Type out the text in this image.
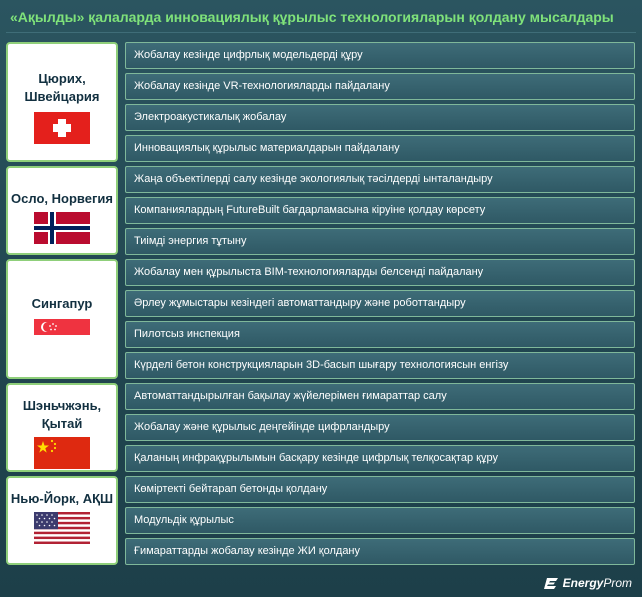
«Ақылды» қалаларда инновациялық құрылыс технологияларын қолдану мысалдары
Цюрих, Швейцария
Жобалау кезінде цифрлық модельдерді құру
Жобалау кезінде VR-технологияларды пайдалану
Электроакустикалық жобалау
Инновациялық құрылыс материалдарын пайдалану
Осло, Норвегия
Жаңа объектілерді салу кезінде экологиялық тәсілдерді ынталандыру
Компаниялардың FutureBuilt бағдарламасына кіруіне қолдау көрсету
Тиімді энергия тұтыну
Сингапур
Жобалау мен құрылыста BIM-технологияларды белсенді пайдалану
Әрлеу жұмыстары кезіндегі автоматтандыру және роботтандыру
Пилотсыз инспекция
Күрделі бетон конструкцияларын 3D-басып шығару технологиясын енгізу
Шэньчжэнь, Қытай
Автоматтандырылған бақылау жүйелерімен ғимараттар салу
Жобалау және құрылыс деңгейінде цифрландыру
Қаланың инфрақұрылымын басқару кезінде цифрлық телқосақтар құру
Нью-Йорк, АҚШ
Көміртекті бейтарап бетонды қолдану
Модульдік құрылыс
Ғимараттарды жобалау кезінде ЖИ қолдану
EnergyProm
